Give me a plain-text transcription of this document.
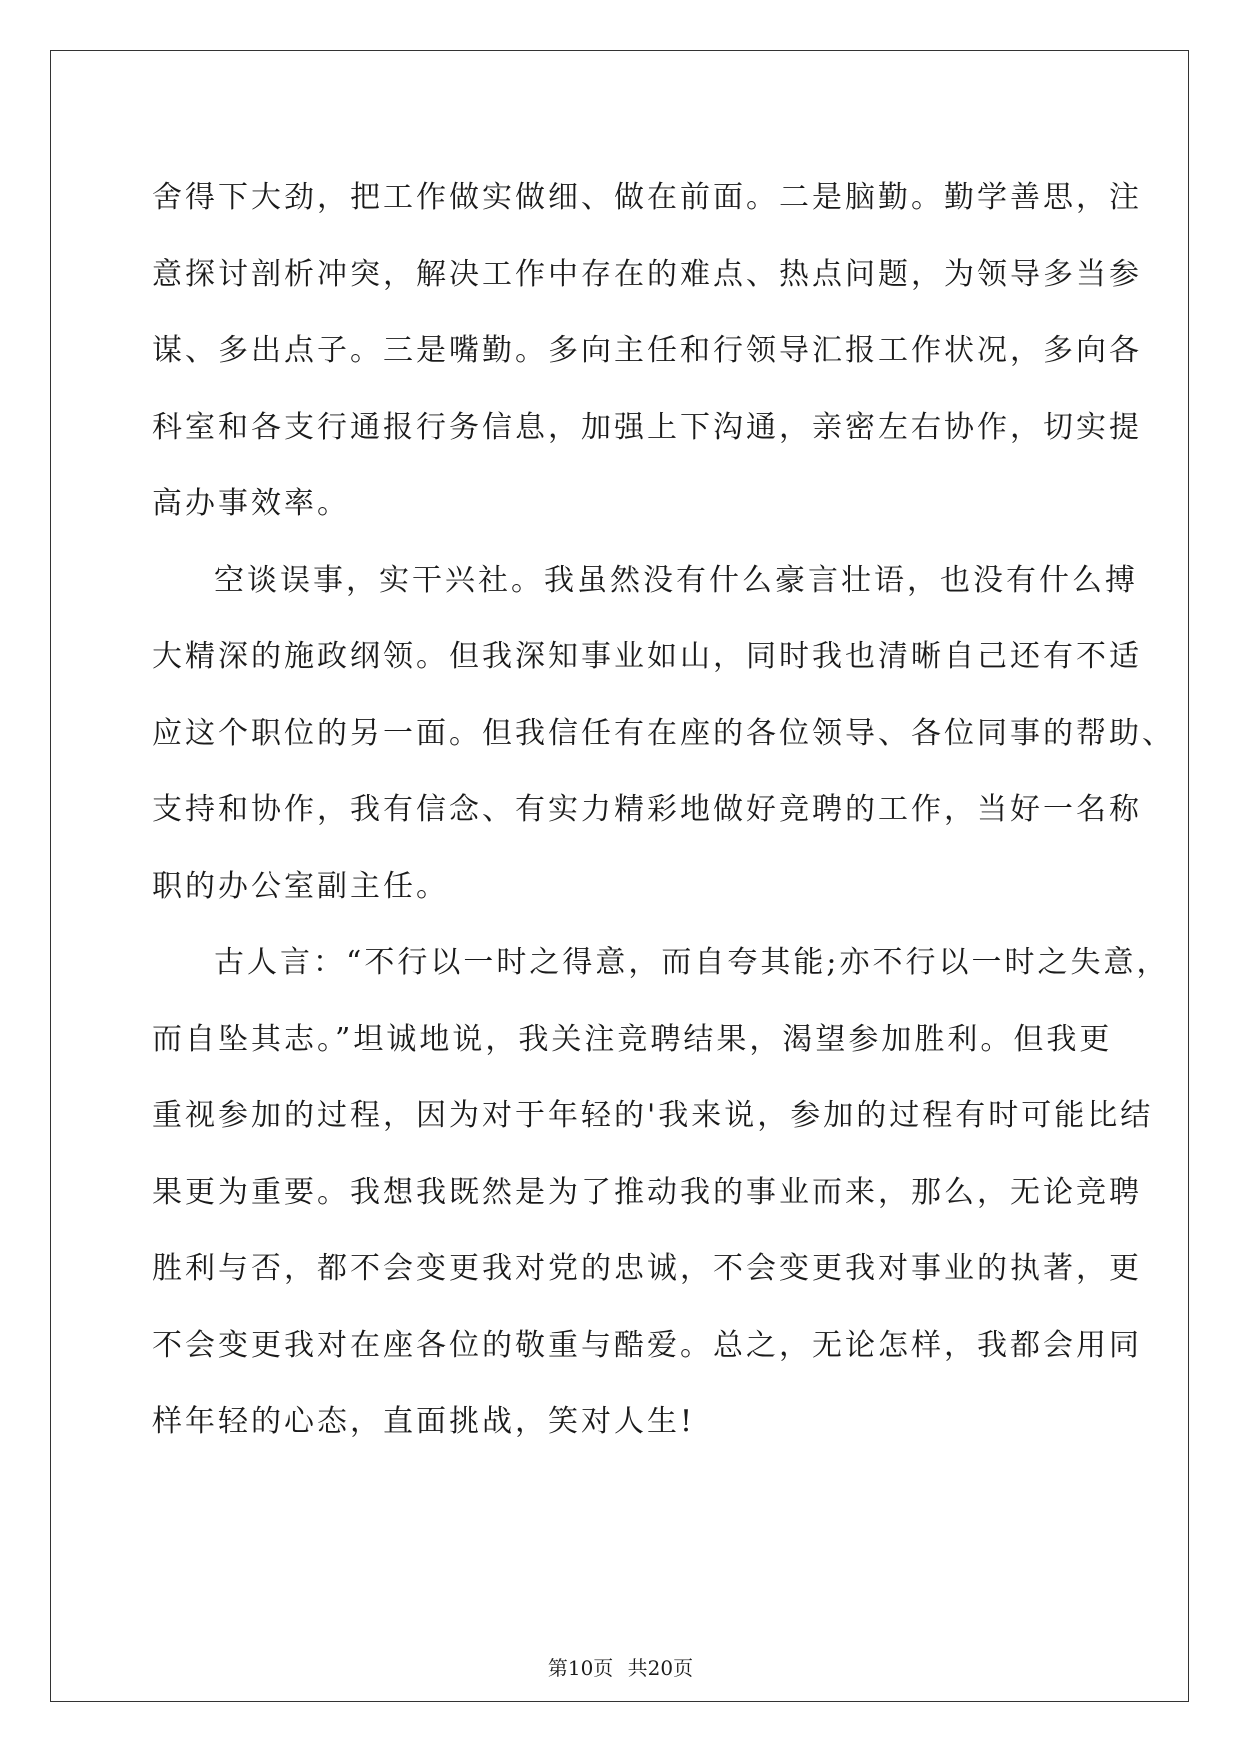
舍得下大劲，把工作做实做细、做在前面。二是脑勤。勤学善思，注
意探讨剖析冲突，解决工作中存在的难点、热点问题，为领导多当参
谋、多出点子。三是嘴勤。多向主任和行领导汇报工作状况，多向各
科室和各支行通报行务信息，加强上下沟通，亲密左右协作，切实提
高办事效率。
空谈误事，实干兴社。我虽然没有什么豪言壮语，也没有什么搏
大精深的施政纲领。但我深知事业如山，同时我也清晰自己还有不适
应这个职位的另一面。但我信任有在座的各位领导、各位同事的帮助、
支持和协作，我有信念、有实力精彩地做好竞聘的工作，当好一名称
职的办公室副主任。
古人言：“不行以一时之得意，而自夸其能;亦不行以一时之失意，
而自坠其志。”坦诚地说，我关注竞聘结果，渴望参加胜利。但我更
重视参加的过程，因为对于年轻的'我来说，参加的过程有时可能比结
果更为重要。我想我既然是为了推动我的事业而来，那么，无论竞聘
胜利与否，都不会变更我对党的忠诚，不会变更我对事业的执著，更
不会变更我对在座各位的敬重与酷爱。总之，无论怎样，我都会用同
样年轻的心态，直面挑战，笑对人生!
第10页 共20页
